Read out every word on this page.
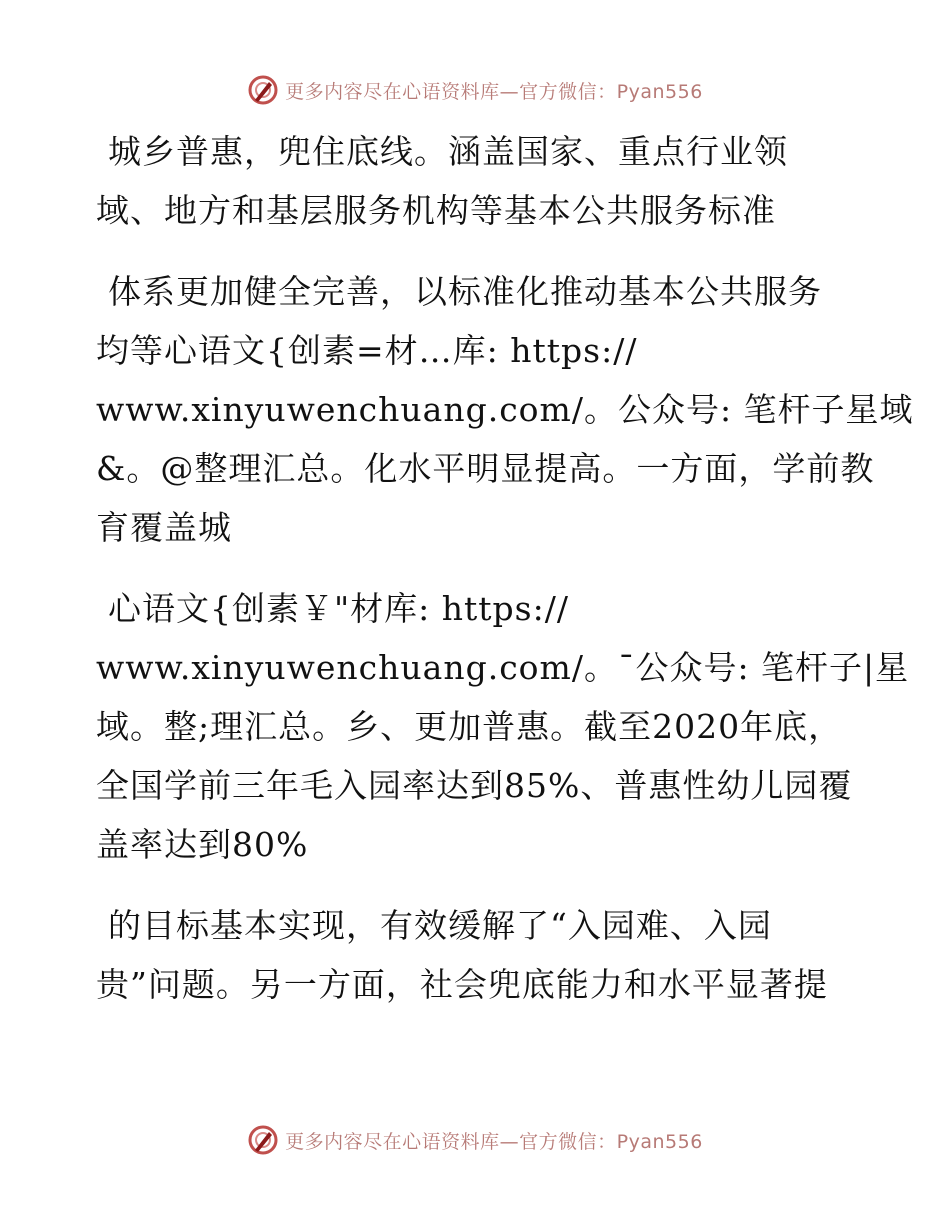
更多内容尽在心语资料库—官方微信：Pyan556
城乡普惠，兜住底线。涵盖国家、重点行业领
域、地方和基层服务机构等基本公共服务标准
体系更加健全完善，以标准化推动基本公共服务
均等心语文{创素=材…库: https://
www.xinyuwenchuang.com/。公众号: 笔杆子星域
&。@整理汇总。化水平明显提高。一方面，学前教
育覆盖城
心语文{创素￥"材库: https://
www.xinyuwenchuang.com/。¯公众号: 笔杆子|星
域。整;理汇总。乡、更加普惠。截至2020年底，
全国学前三年毛入园率达到85%、普惠性幼儿园覆
盖率达到80%
的目标基本实现，有效缓解了“入园难、入园
贵”问题。另一方面，社会兜底能力和水平显著提
更多内容尽在心语资料库—官方微信：Pyan556
